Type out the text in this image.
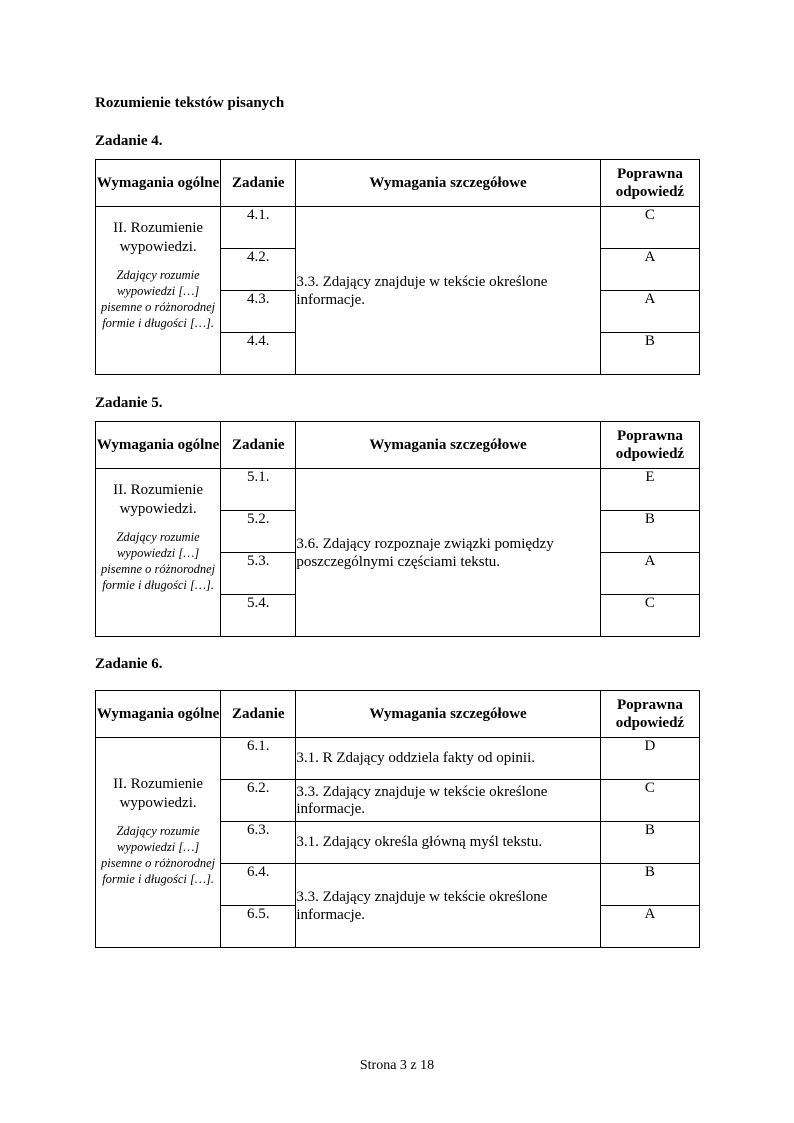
Rozumienie tekstów pisanych

Zadanie 4.

Wymagania ogólne	Zadanie	Wymagania szczegółowe	Poprawna odpowiedź

II. Rozumienie wypowiedzi.
Zdający rozumie wypowiedzi […] pisemne o różnorodnej formie i długości […].	4.1.	3.3. Zdający znajduje w tekście określone informacje.	C
	4.2.		A
	4.3.		A
	4.4.		B

Zadanie 5.

Wymagania ogólne	Zadanie	Wymagania szczegółowe	Poprawna odpowiedź

II. Rozumienie wypowiedzi.
Zdający rozumie wypowiedzi […] pisemne o różnorodnej formie i długości […].	5.1.	3.6. Zdający rozpoznaje związki pomiędzy poszczególnymi częściami tekstu.	E
	5.2.		B
	5.3.		A
	5.4.		C

Zadanie 6.

Wymagania ogólne	Zadanie	Wymagania szczegółowe	Poprawna odpowiedź

II. Rozumienie wypowiedzi.
Zdający rozumie wypowiedzi […] pisemne o różnorodnej formie i długości […].	6.1.	3.1. R Zdający oddziela fakty od opinii.	D
	6.2.	3.3. Zdający znajduje w tekście określone informacje.	C
	6.3.	3.1. Zdający określa główną myśl tekstu.	B
	6.4.	3.3. Zdający znajduje w tekście określone informacje.	B
	6.5.		A
Strona 3 z 18
